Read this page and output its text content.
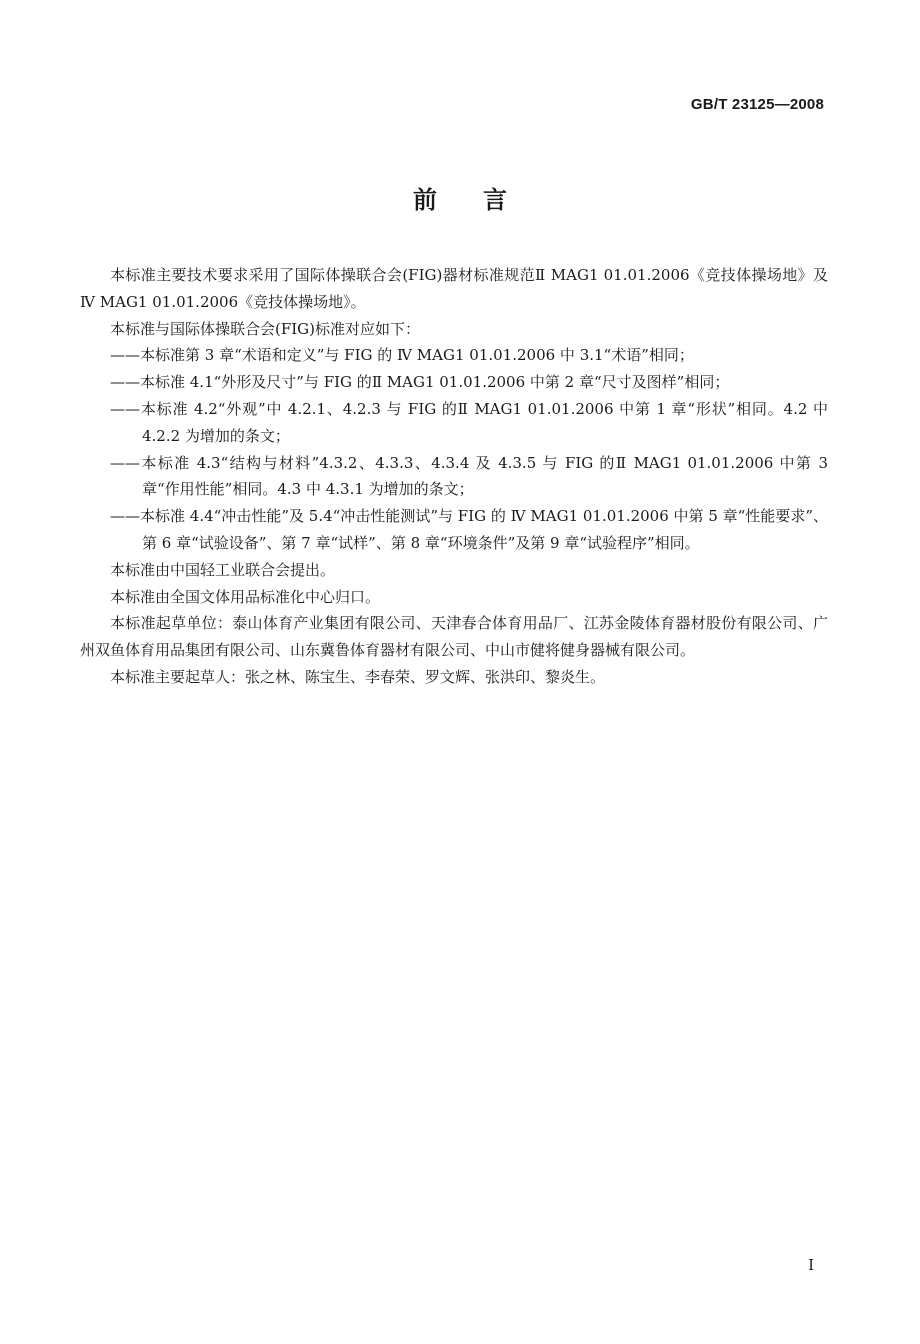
GB/T 23125—2008
前言

本标准主要技术要求采用了国际体操联合会(FIG)器材标准规范Ⅱ MAG1 01.01.2006《竞技体操场地》及 Ⅳ MAG1 01.01.2006《竞技体操场地》。

本标准与国际体操联合会(FIG)标准对应如下：

——本标准第 3 章“术语和定义”与 FIG 的 Ⅳ MAG1 01.01.2006 中 3.1“术语”相同；

——本标准 4.1“外形及尺寸”与 FIG 的Ⅱ MAG1 01.01.2006 中第 2 章“尺寸及图样”相同；

——本标准 4.2“外观”中 4.2.1、4.2.3 与 FIG 的Ⅱ MAG1 01.01.2006 中第 1 章“形状”相同。4.2 中 4.2.2 为增加的条文；

——本标准 4.3“结构与材料”4.3.2、4.3.3、4.3.4 及 4.3.5 与 FIG 的Ⅱ MAG1 01.01.2006 中第 3 章“作用性能”相同。4.3 中 4.3.1 为增加的条文；

——本标准 4.4“冲击性能”及 5.4“冲击性能测试”与 FIG 的 Ⅳ MAG1 01.01.2006 中第 5 章“性能要求”、第 6 章“试验设备”、第 7 章“试样”、第 8 章“环境条件”及第 9 章“试验程序”相同。

本标准由中国轻工业联合会提出。

本标准由全国文体用品标准化中心归口。

本标准起草单位：泰山体育产业集团有限公司、天津春合体育用品厂、江苏金陵体育器材股份有限公司、广州双鱼体育用品集团有限公司、山东冀鲁体育器材有限公司、中山市健将健身器械有限公司。

本标准主要起草人：张之林、陈宝生、李春荣、罗文辉、张洪印、黎炎生。

I
